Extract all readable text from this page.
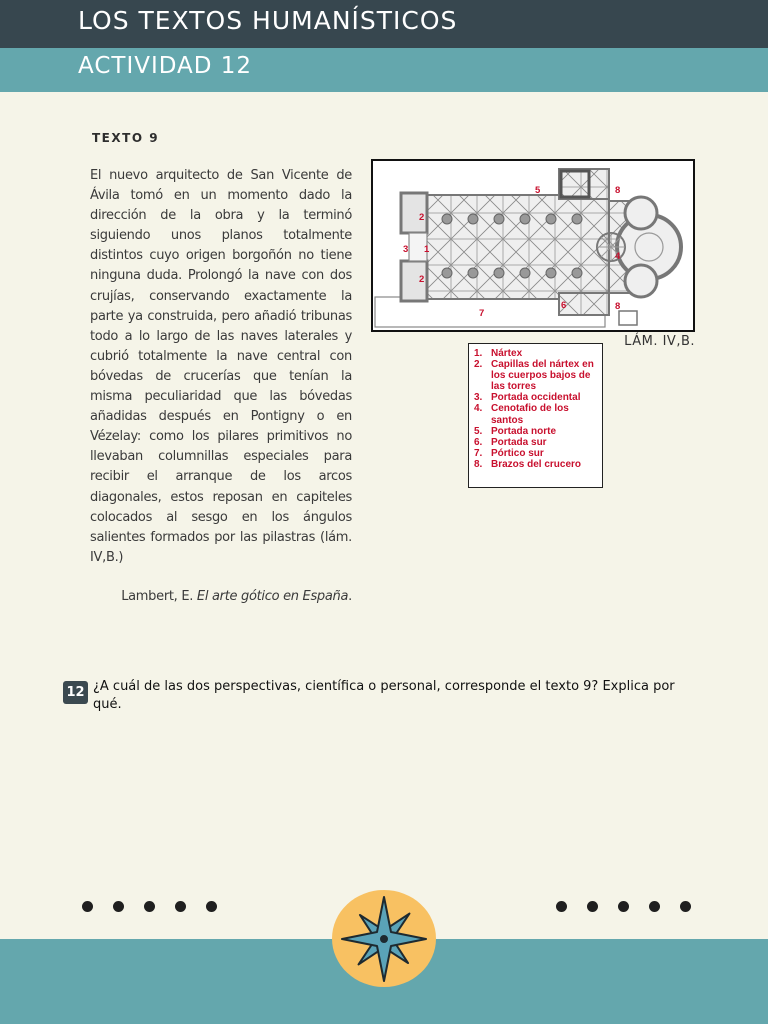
LOS TEXTOS HUMANÍSTICOS
ACTIVIDAD 12
TEXTO 9
El nuevo arquitecto de San Vicente de Ávila tomó en un momento dado la dirección de la obra y la terminó siguiendo unos planos totalmente distintos cuyo origen borgoñón no tiene ninguna duda. Prolongó la nave con dos crujías, conservando exactamente la parte ya construida, pero añadió tribunas todo a lo largo de las naves laterales y cubrió totalmente la nave central con bóvedas de crucerías que tenían la misma peculiaridad que las bóvedas añadidas después en Pontigny o en Vézelay: como los pilares primitivos no llevaban columnillas especiales para recibir el arranque de los arcos diagonales, estos reposan en capiteles colocados al sesgo en los ángulos salientes formados por las pilastras (lám. IV,B.)
Lambert, E. El arte gótico en España.
1
2
2
3
4
5
6
7
8
8
LÁM. IV,B.
1. Nártex
2. Capillas del nártex en los cuerpos bajos de las torres
3. Portada occidental
4. Cenotafio de los santos
5. Portada norte
6. Portada sur
7. Pórtico sur
8. Brazos del crucero
12 ¿A cuál de las dos perspectivas, científica o personal, corresponde el texto 9? Explica por qué.
